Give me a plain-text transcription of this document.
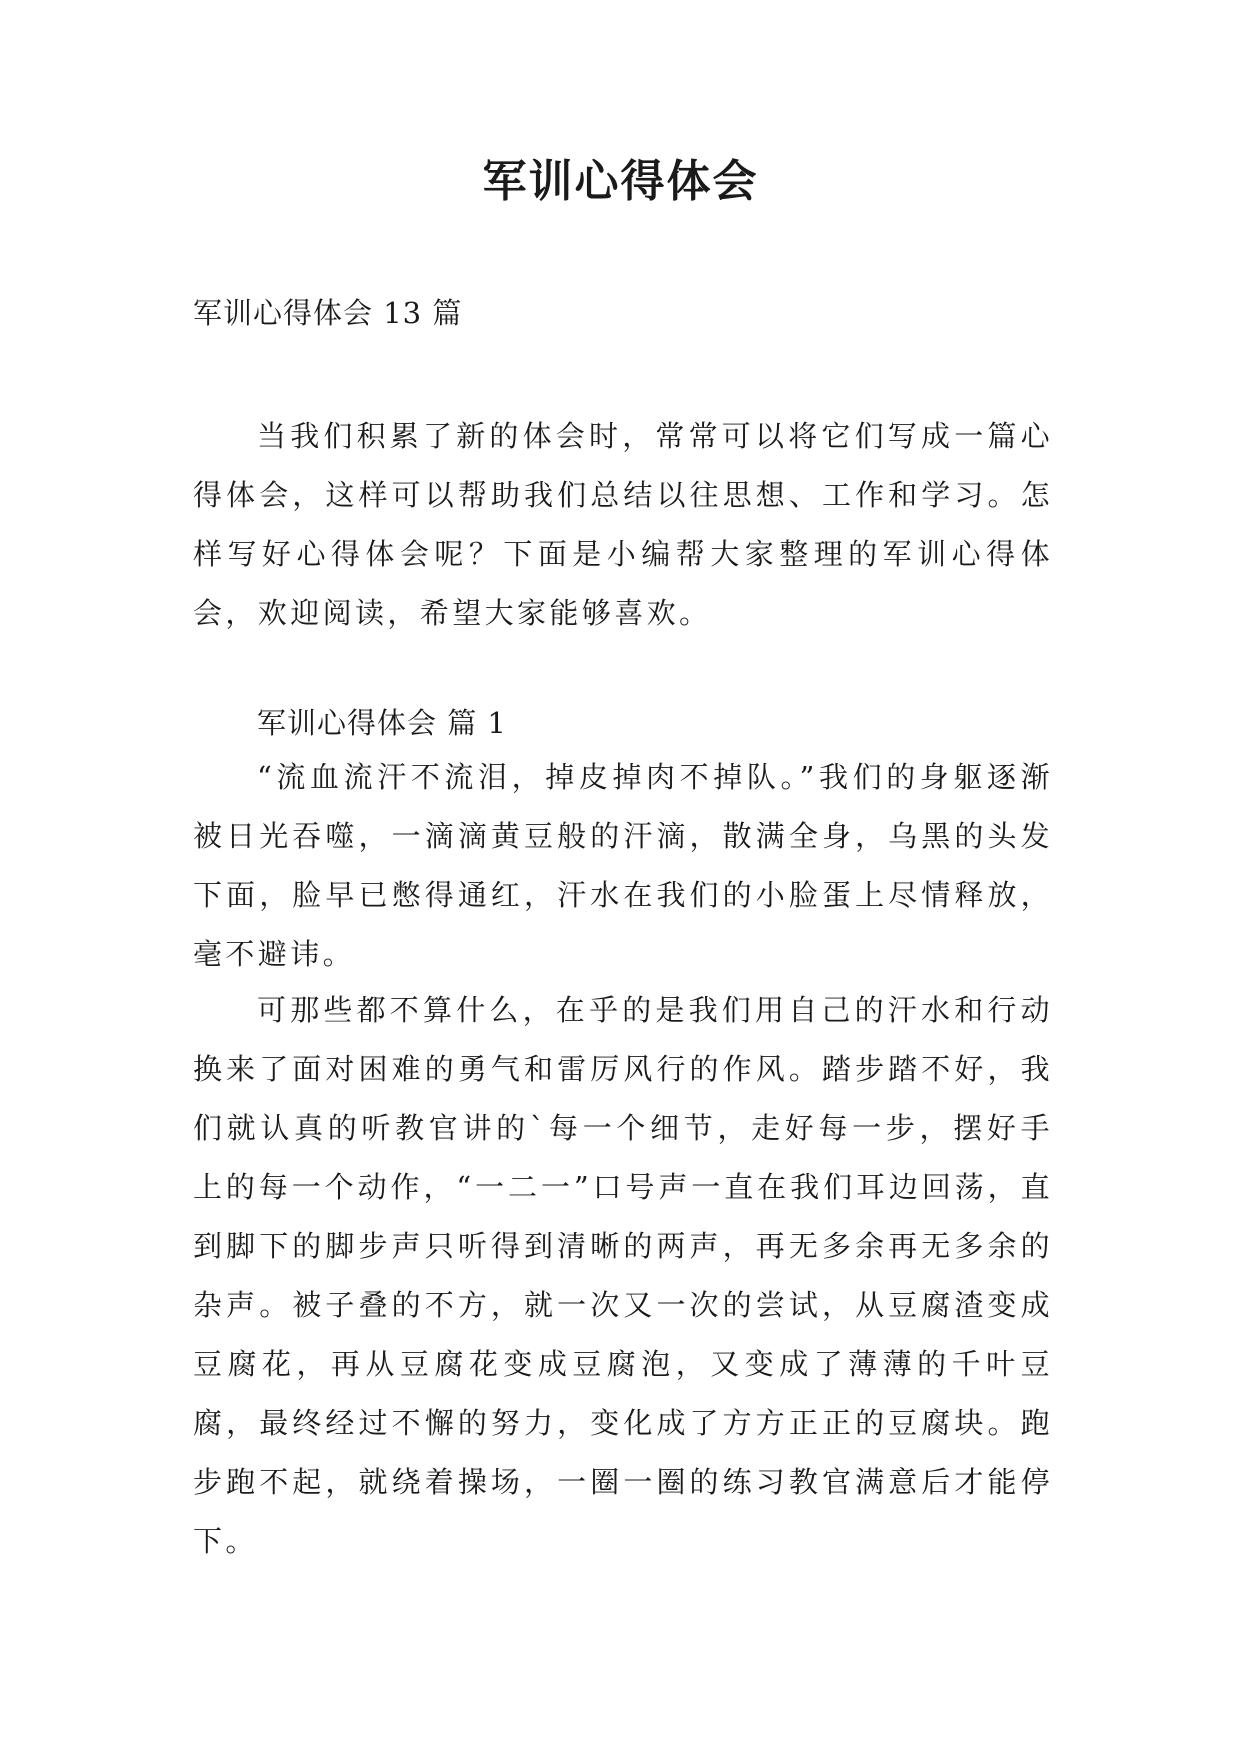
军训心得体会

军训心得体会 13 篇

当我们积累了新的体会时，常常可以将它们写成一篇心得体会，这样可以帮助我们总结以往思想、工作和学习。怎样写好心得体会呢？下面是小编帮大家整理的军训心得体会，欢迎阅读，希望大家能够喜欢。

军训心得体会 篇 1

“流血流汗不流泪，掉皮掉肉不掉队。”我们的身躯逐渐被日光吞噬，一滴滴黄豆般的汗滴，散满全身，乌黑的头发下面，脸早已憋得通红，汗水在我们的小脸蛋上尽情释放，毫不避讳。

可那些都不算什么，在乎的是我们用自己的汗水和行动换来了面对困难的勇气和雷厉风行的作风。踏步踏不好，我们就认真的听教官讲的`每一个细节，走好每一步，摆好手上的每一个动作，“一二一”口号声一直在我们耳边回荡，直到脚下的脚步声只听得到清晰的两声，再无多余再无多余的杂声。被子叠的不方，就一次又一次的尝试，从豆腐渣变成豆腐花，再从豆腐花变成豆腐泡，又变成了薄薄的千叶豆腐，最终经过不懈的努力，变化成了方方正正的豆腐块。跑步跑不起，就绕着操场，一圈一圈的练习教官满意后才能停下。
